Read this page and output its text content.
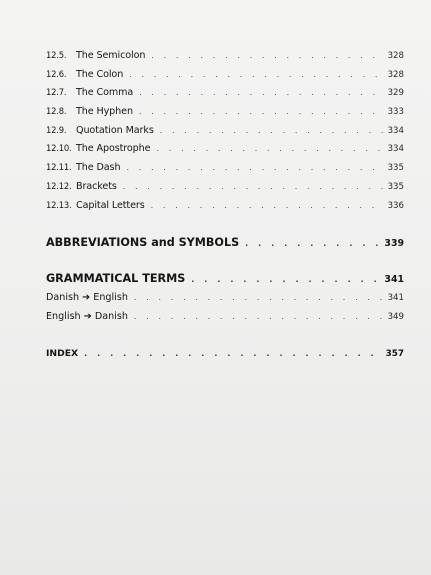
12.5.	The Semicolon . . .	328
12.6.	The Colon . . .	328
12.7.	The Comma . . .	329
12.8.	The Hyphen . . .	333
12.9.	Quotation Marks . . .	334
12.10. The Apostrophe . . .	334
12.11. The Dash . . .	335
12.12. Brackets . . .	335
12.13. Capital Letters . . .	336
ABBREVIATIONS and SYMBOLS . . .	339
GRAMMATICAL TERMS . . .	341
Danish ➔ English . . .	341
English ➔ Danish . . .	349
INDEX . . .	357
